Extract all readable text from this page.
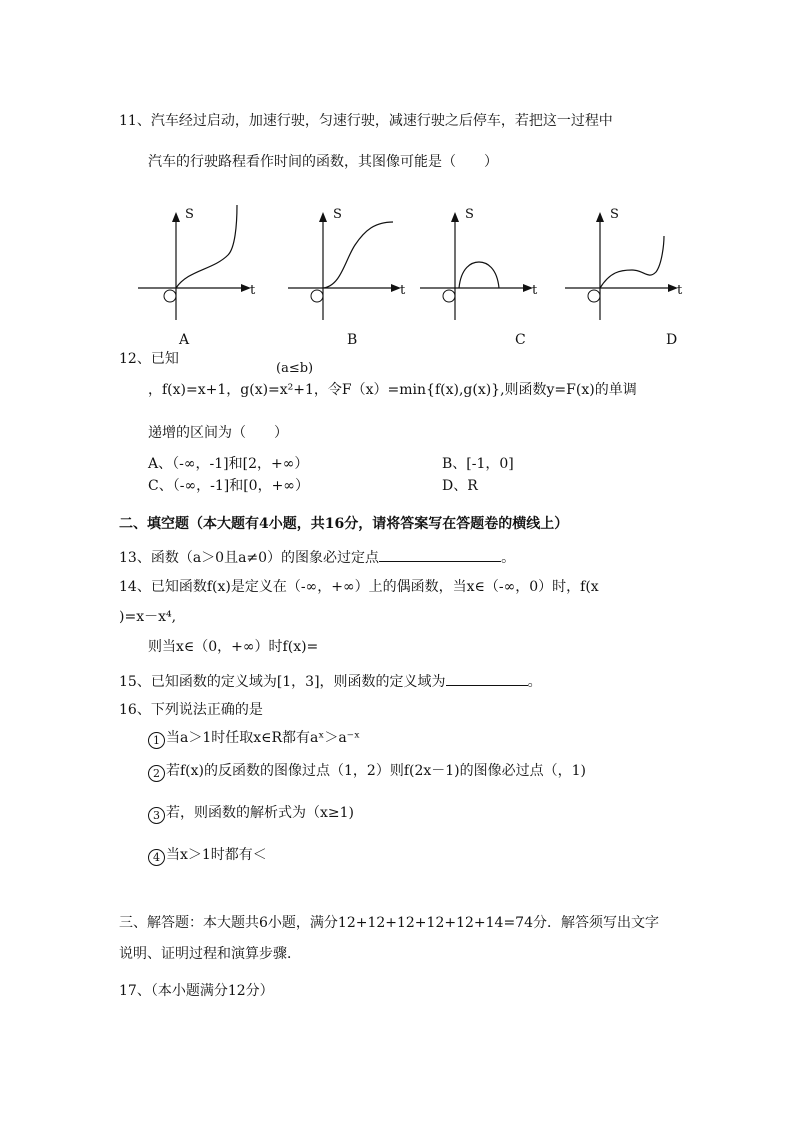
11、汽车经过启动，加速行驶，匀速行驶，减速行驶之后停车，若把这一过程中
汽车的行驶路程看作时间的函数，其图像可能是（　　）
S
t
S
t
S
t
S
t
A	B	C	D
12、已知
(a≤b)
，f(x)=x+1，g(x)=x²+1，令F（x）=min{f(x),g(x)},则函数y=F(x)的单调
递增的区间为（　　）
A、（-∞，-1]和[2，+∞）	B、[-1，0]
C、（-∞，-1]和[0，+∞）	D、R
二、填空题（本大题有4小题，共16分，请将答案写在答题卷的横线上）
13、函数（a＞0且a≠0）的图象必过定点	。
14、已知函数f(x)是定义在（-∞，+∞）上的偶函数，当x∈（-∞，0）时，f(x
)=x－x⁴,
则当x∈（0，+∞）时f(x)=
15、已知函数的定义域为[1，3]，则函数的定义域为	。
16、下列说法正确的是
1 当a＞1时任取x∈R都有aˣ＞a⁻ˣ
2 若f(x)的反函数的图像过点（1，2）则f(2x－1)的图像必过点（，1)
3 若，则函数的解析式为（x≥1)
4 当x＞1时都有＜
三、解答题：本大题共6小题，满分12+12+12+12+12+14=74分．解答须写出文字
说明、证明过程和演算步骤．
17、（本小题满分12分）
